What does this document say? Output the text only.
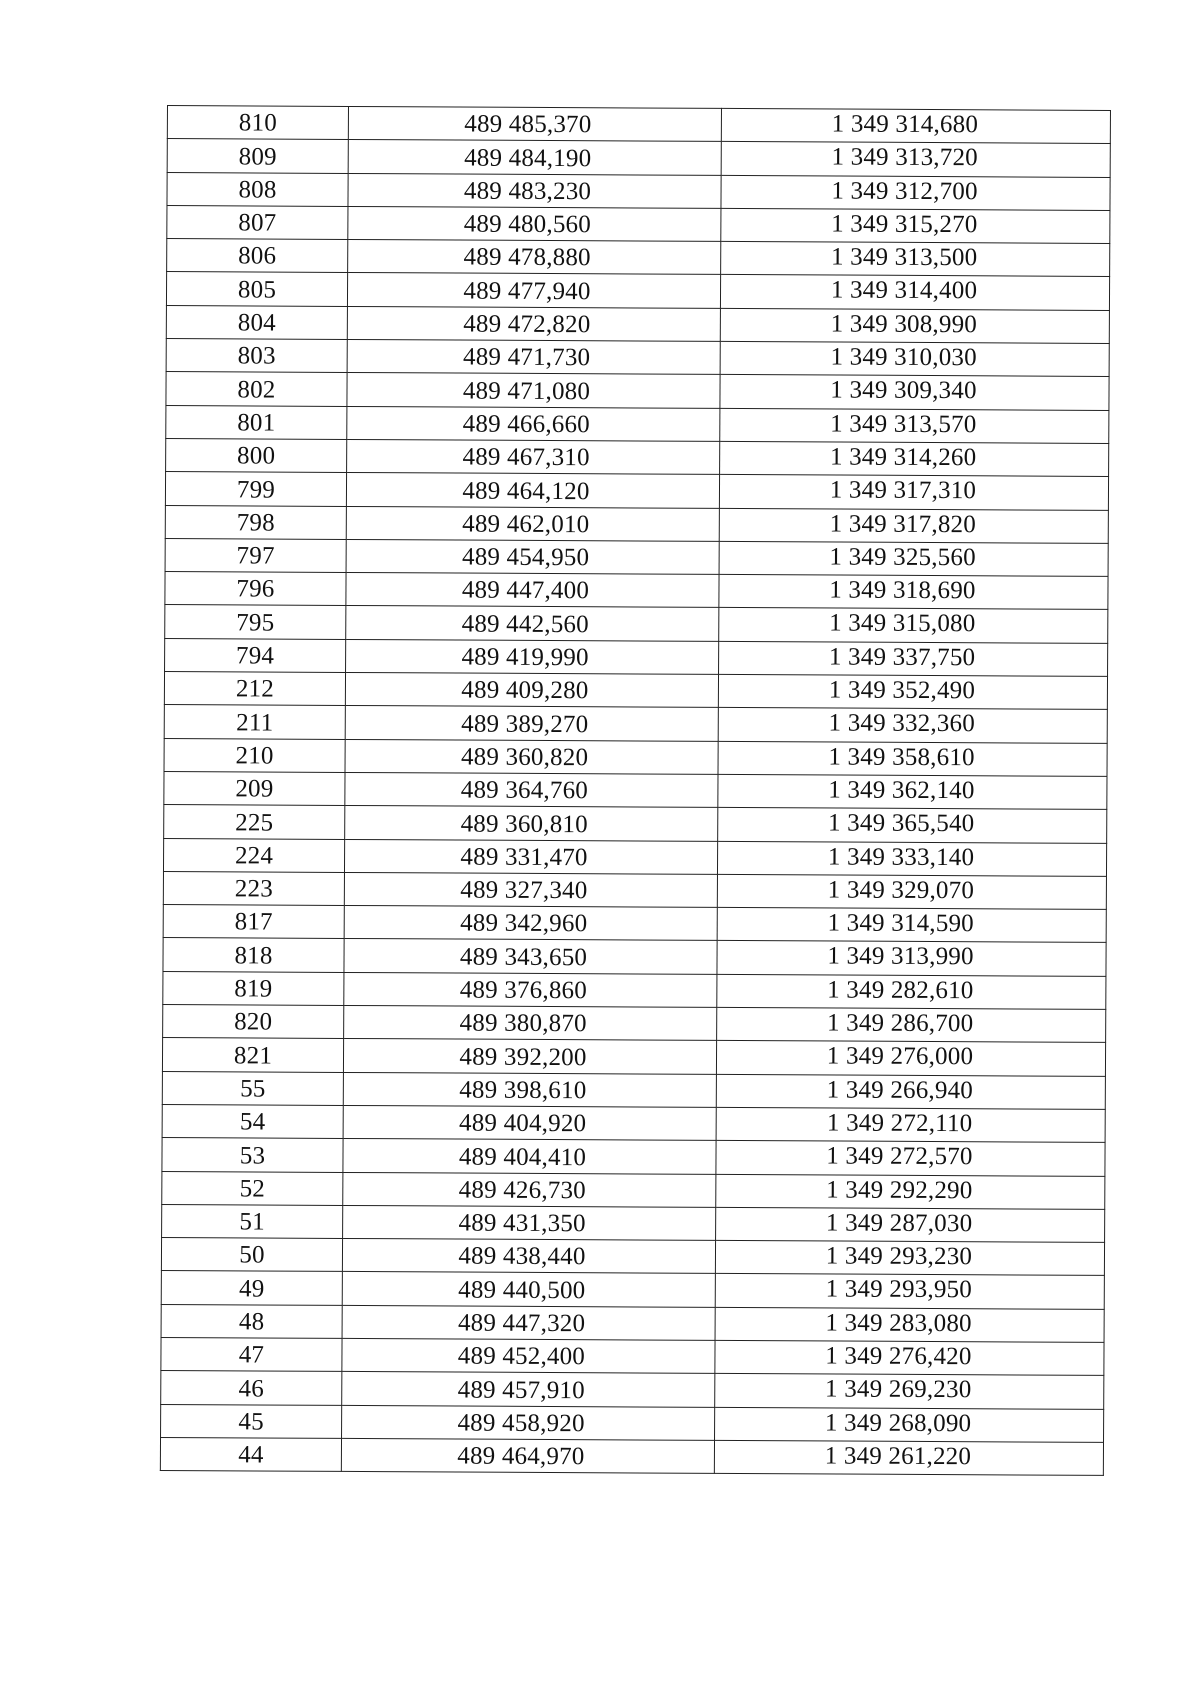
810	489 485,370	1 349 314,680
809	489 484,190	1 349 313,720
808	489 483,230	1 349 312,700
807	489 480,560	1 349 315,270
806	489 478,880	1 349 313,500
805	489 477,940	1 349 314,400
804	489 472,820	1 349 308,990
803	489 471,730	1 349 310,030
802	489 471,080	1 349 309,340
801	489 466,660	1 349 313,570
800	489 467,310	1 349 314,260
799	489 464,120	1 349 317,310
798	489 462,010	1 349 317,820
797	489 454,950	1 349 325,560
796	489 447,400	1 349 318,690
795	489 442,560	1 349 315,080
794	489 419,990	1 349 337,750
212	489 409,280	1 349 352,490
211	489 389,270	1 349 332,360
210	489 360,820	1 349 358,610
209	489 364,760	1 349 362,140
225	489 360,810	1 349 365,540
224	489 331,470	1 349 333,140
223	489 327,340	1 349 329,070
817	489 342,960	1 349 314,590
818	489 343,650	1 349 313,990
819	489 376,860	1 349 282,610
820	489 380,870	1 349 286,700
821	489 392,200	1 349 276,000
55	489 398,610	1 349 266,940
54	489 404,920	1 349 272,110
53	489 404,410	1 349 272,570
52	489 426,730	1 349 292,290
51	489 431,350	1 349 287,030
50	489 438,440	1 349 293,230
49	489 440,500	1 349 293,950
48	489 447,320	1 349 283,080
47	489 452,400	1 349 276,420
46	489 457,910	1 349 269,230
45	489 458,920	1 349 268,090
44	489 464,970	1 349 261,220
